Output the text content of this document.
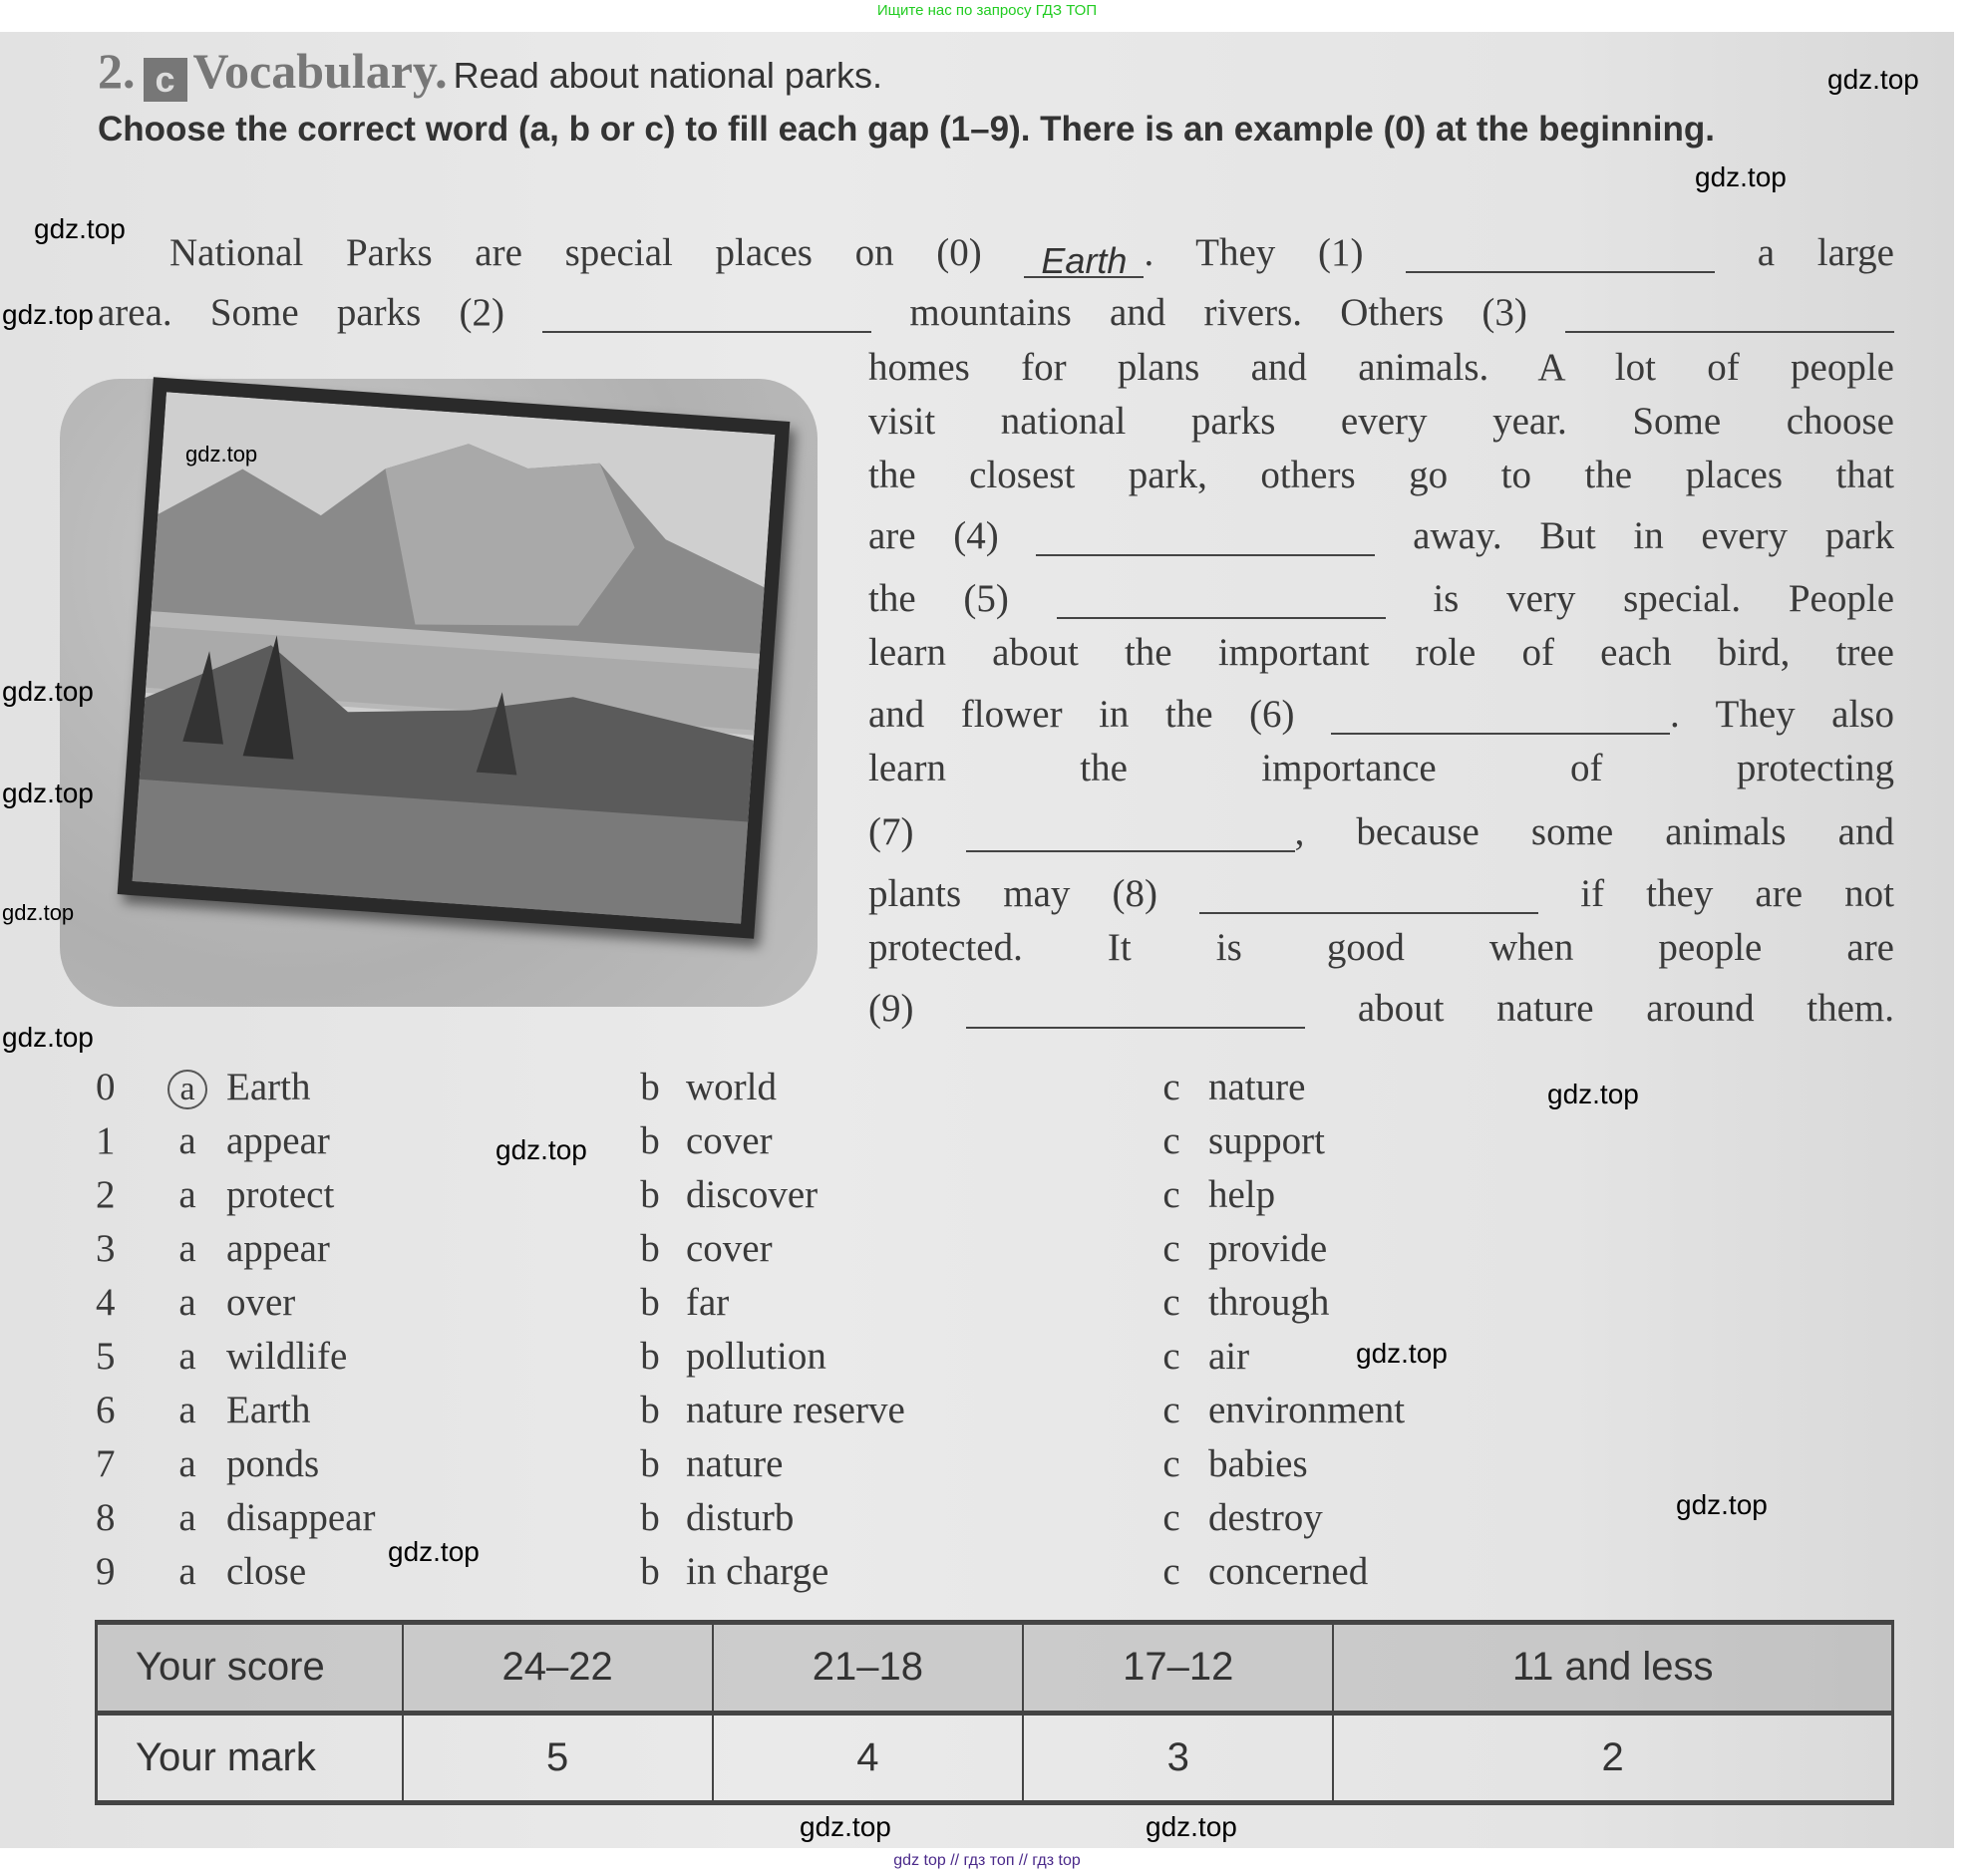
Ищите нас по запросу ГДЗ ТОП
2. c Vocabulary. Read about national parks.
Choose the correct word (a, b or c) to fill each gap (1–9). There is an example (0) at the beginning.
National Parks are special places on (0) Earth . They (1)	a large
area. Some parks (2)	mountains and rivers. Others (3)
homes for plans and animals. A lot of people
visit national parks every year. Some choose
the closest park, others go to the places that
are (4)	away. But in every park
the (5)	is very special. People
learn about the important role of each bird, tree
and flower in the (6)	. They also
learn the importance of protecting
(7)	, because some animals and
plants may (8)	if they are not
protected. It is good when people are
(9)	about nature around them.
0	a Earth	b world	c nature
1 a appear	b cover	c support
2 a protect	b discover	c help
3 a appear	b cover	c provide
4 a over	b far	c through
5 a wildlife	b pollution	c air
6 a Earth	b nature reserve	c environment
7 a ponds	b nature	c babies
8 a disappear	b disturb	c destroy
9 a close	b in charge	c concerned
Your score	24–22	21–18	17–12	11 and less
Your mark	5	4	3	2
gdz.top
gdz.top
gdz.top
gdz.top
gdz.top
gdz.top
gdz.top
gdz.top
gdz.top
gdz.top
gdz.top
gdz.top
gdz.top
gdz.top
gdz.top
gdz.top
gdz top // гдз топ // гдз top
